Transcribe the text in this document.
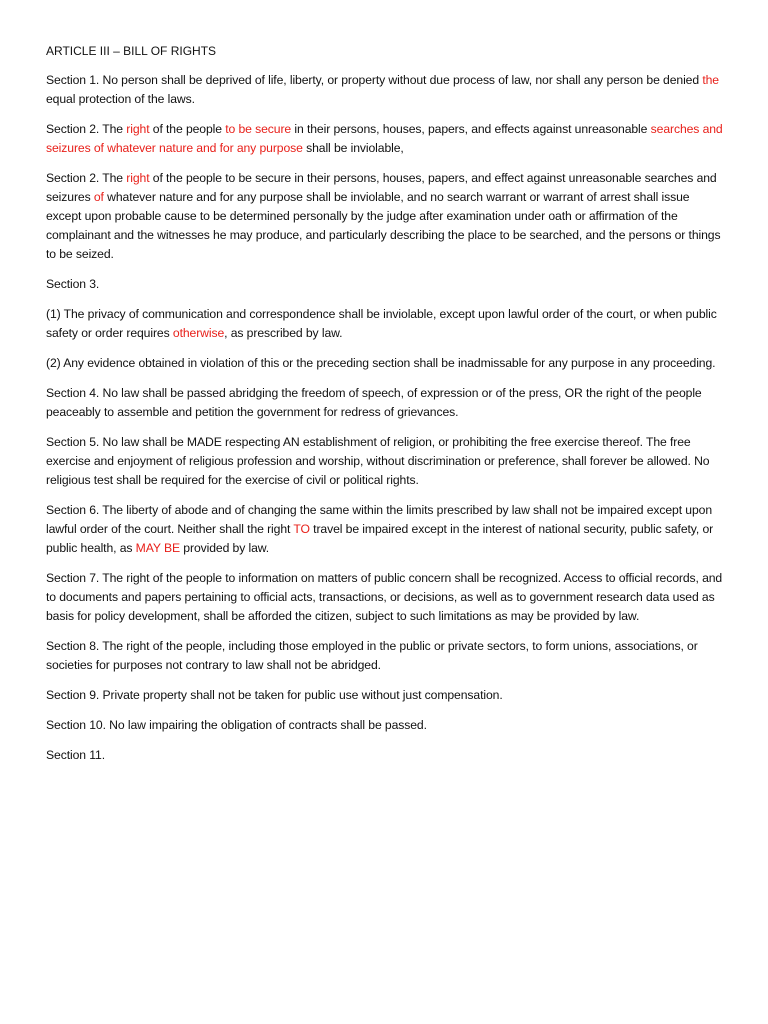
ARTICLE III – BILL OF RIGHTS

Section 1. No person shall be deprived of life, liberty, or property without due process of law, nor shall any person be denied the equal protection of the laws.

Section 2. The right of the people to be secure in their persons, houses, papers, and effects against unreasonable searches and seizures of whatever nature and for any purpose shall be inviolable,

Section 2. The right of the people to be secure in their persons, houses, papers, and effect against unreasonable searches and seizures of whatever nature and for any purpose shall be inviolable, and no search warrant or warrant of arrest shall issue except upon probable cause to be determined personally by the judge after examination under oath or affirmation of the complainant and the witnesses he may produce, and particularly describing the place to be searched, and the persons or things to be seized.

Section 3.

(1) The privacy of communication and correspondence shall be inviolable, except upon lawful order of the court, or when public safety or order requires otherwise, as prescribed by law.

(2) Any evidence obtained in violation of this or the preceding section shall be inadmissable for any purpose in any proceeding.

Section 4. No law shall be passed abridging the freedom of speech, of expression or of the press, OR the right of the people peaceably to assemble and petition the government for redress of grievances.

Section 5. No law shall be MADE respecting AN establishment of religion, or prohibiting the free exercise thereof. The free exercise and enjoyment of religious profession and worship, without discrimination or preference, shall forever be allowed. No religious test shall be required for the exercise of civil or political rights.

Section 6. The liberty of abode and of changing the same within the limits prescribed by law shall not be impaired except upon lawful order of the court. Neither shall the right TO travel be impaired except in the interest of national security, public safety, or public health, as MAY BE provided by law.

Section 7. The right of the people to information on matters of public concern shall be recognized. Access to official records, and to documents and papers pertaining to official acts, transactions, or decisions, as well as to government research data used as basis for policy development, shall be afforded the citizen, subject to such limitations as may be provided by law.

Section 8. The right of the people, including those employed in the public or private sectors, to form unions, associations, or societies for purposes not contrary to law shall not be abridged.

Section 9. Private property shall not be taken for public use without just compensation.

Section 10. No law impairing the obligation of contracts shall be passed.

Section 11.
